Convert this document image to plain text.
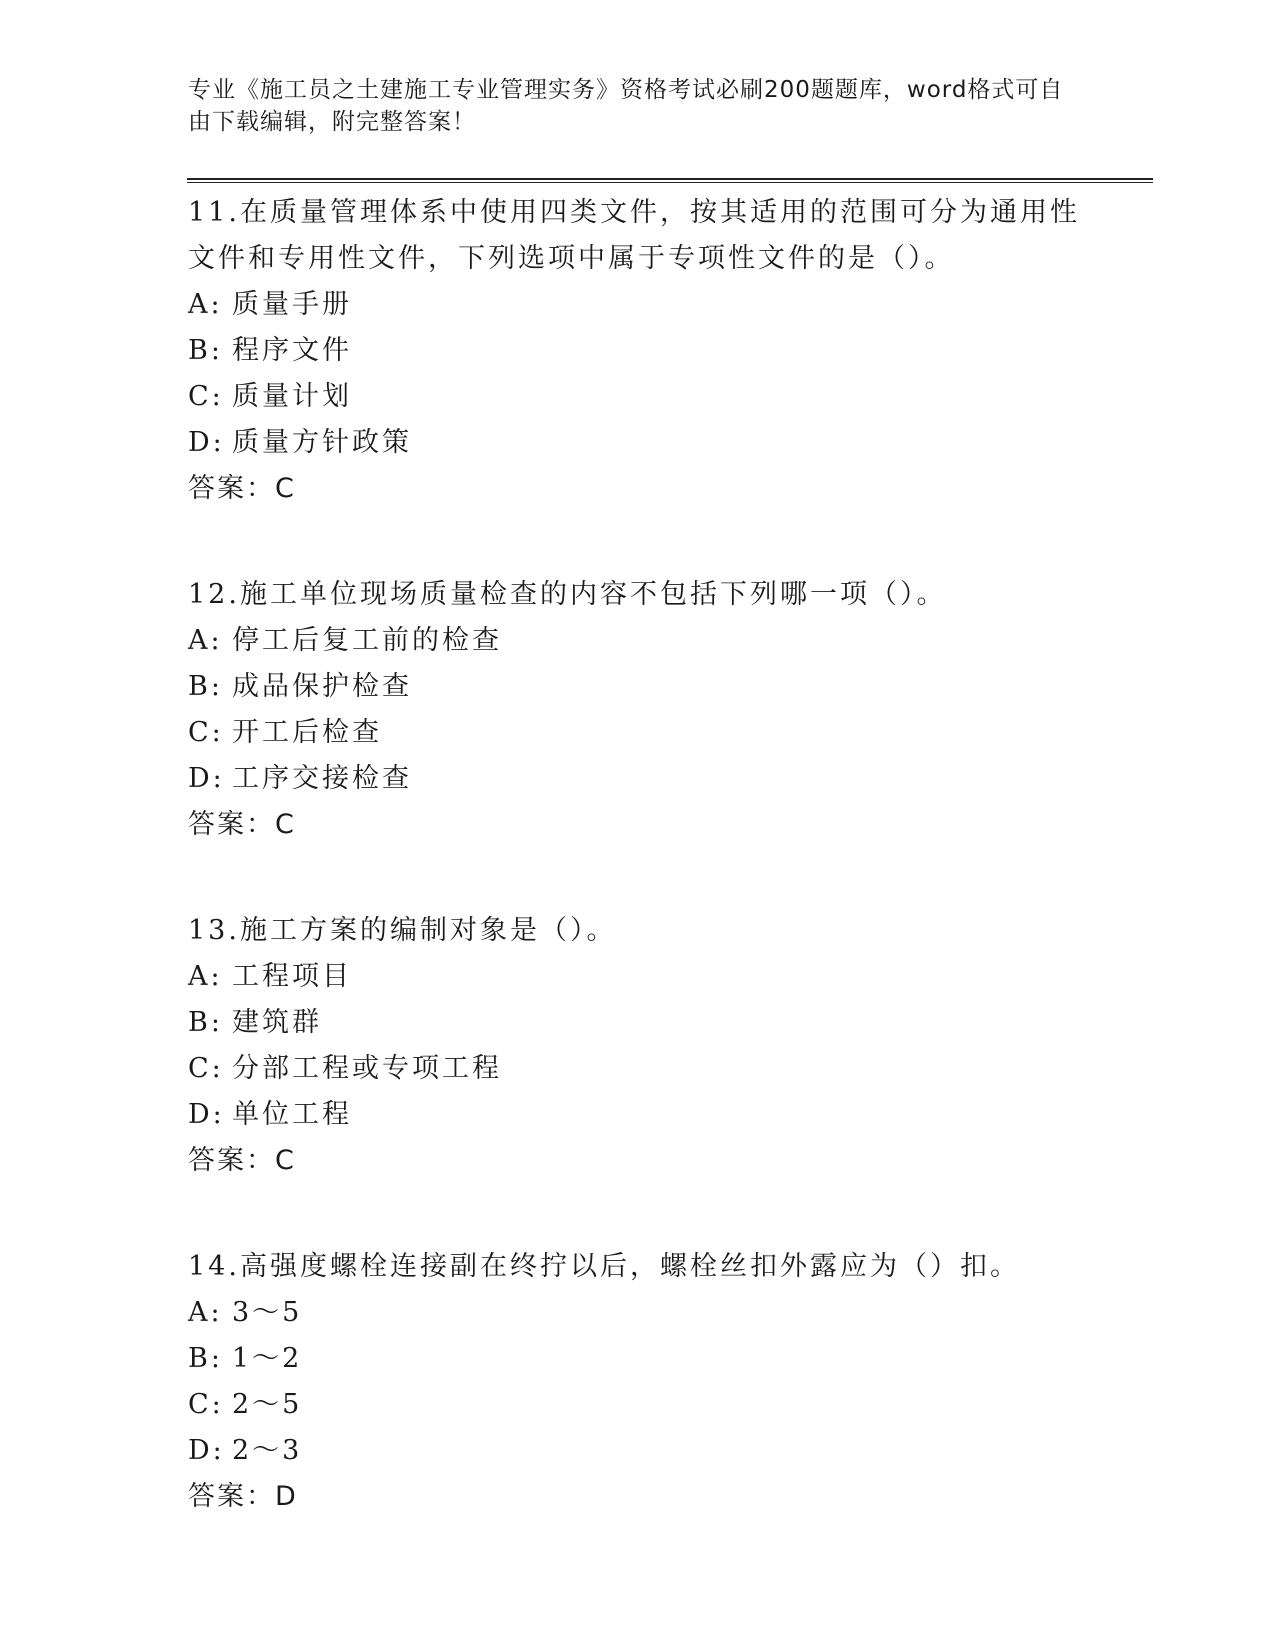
专业《施工员之土建施工专业管理实务》资格考试必刷200题题库，word格式可自由下载编辑，附完整答案！

11.在质量管理体系中使用四类文件，按其适用的范围可分为通用性文件和专用性文件，下列选项中属于专项性文件的是（）。

A: 质量手册

B: 程序文件

C: 质量计划

D: 质量方针政策

答案：C

12.施工单位现场质量检查的内容不包括下列哪一项（）。

A: 停工后复工前的检查

B: 成品保护检查

C: 开工后检查

D: 工序交接检查

答案：C

13.施工方案的编制对象是（）。

A: 工程项目

B: 建筑群

C: 分部工程或专项工程

D: 单位工程

答案：C

14.高强度螺栓连接副在终拧以后，螺栓丝扣外露应为（）扣。

A: 3～5

B: 1～2

C: 2～5

D: 2～3

答案：D
